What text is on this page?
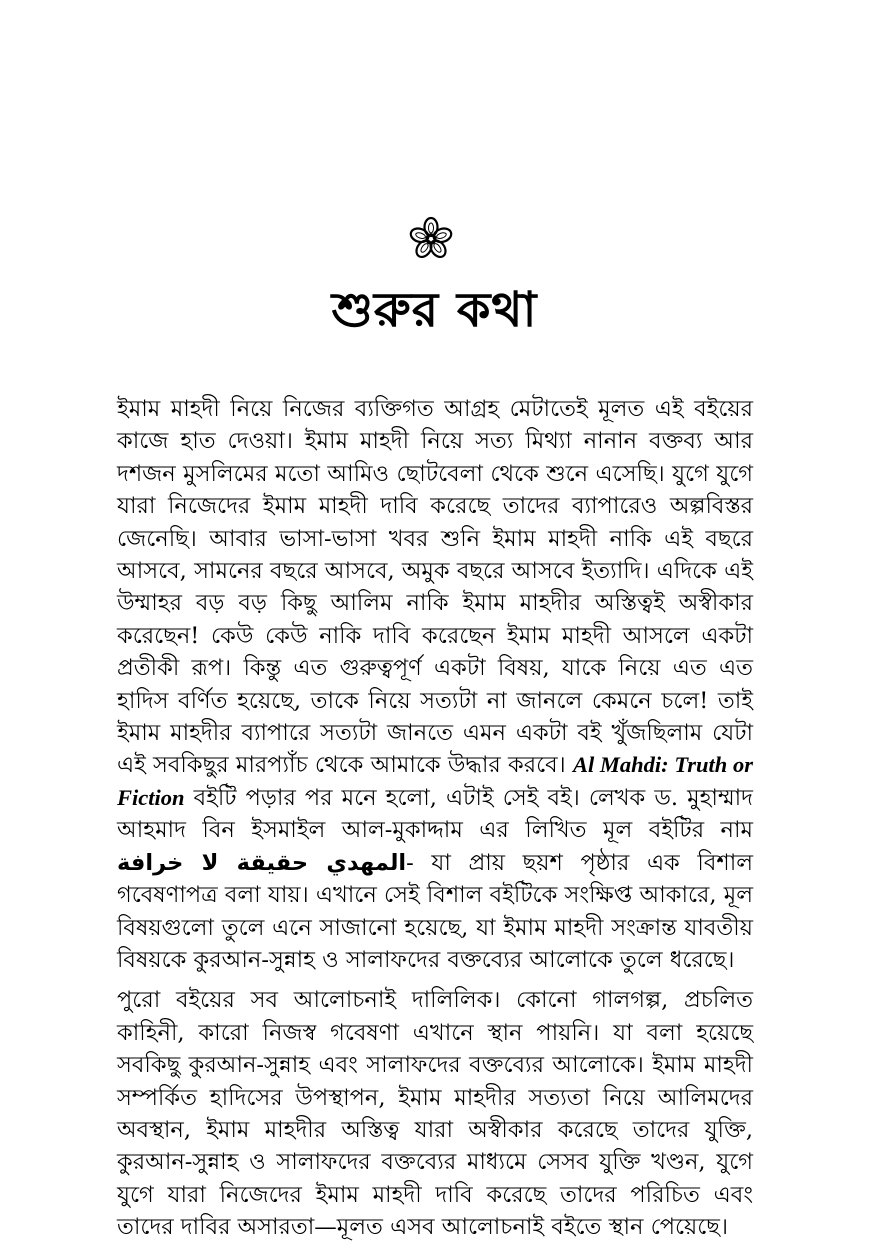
শুরুর কথা

ইমাম মাহদী নিয়ে নিজের ব্যক্তিগত আগ্রহ মেটাতেই মূলত এই বইয়ের কাজে হাত দেওয়া। ইমাম মাহদী নিয়ে সত্য মিথ্যা নানান বক্তব্য আর দশজন মুসলিমের মতো আমিও ছোটবেলা থেকে শুনে এসেছি। যুগে যুগে যারা নিজেদের ইমাম মাহদী দাবি করেছে তাদের ব্যাপারেও অল্পবিস্তর জেনেছি। আবার ভাসা-ভাসা খবর শুনি ইমাম মাহদী নাকি এই বছরে আসবে, সামনের বছরে আসবে, অমুক বছরে আসবে ইত্যাদি। এদিকে এই উম্মাহর বড় বড় কিছু আলিম নাকি ইমাম মাহদীর অস্তিত্বই অস্বীকার করেছেন! কেউ কেউ নাকি দাবি করেছেন ইমাম মাহদী আসলে একটা প্রতীকী রূপ। কিন্তু এত গুরুত্বপূর্ণ একটা বিষয়, যাকে নিয়ে এত এত হাদিস বর্ণিত হয়েছে, তাকে নিয়ে সত্যটা না জানলে কেমনে চলে! তাই ইমাম মাহদীর ব্যাপারে সত্যটা জানতে এমন একটা বই খুঁজছিলাম যেটা এই সবকিছুর মারপ্যাঁচ থেকে আমাকে উদ্ধার করবে। Al Mahdi: Truth or Fiction বইটি পড়ার পর মনে হলো, এটাই সেই বই। লেখক ড. মুহাম্মাদ আহমাদ বিন ইসমাইল আল-মুকাদ্দাম এর লিখিত মূল বইটির নাম المهدي حقيقة لا خرافة- যা প্রায় ছয়শ পৃষ্ঠার এক বিশাল গবেষণাপত্র বলা যায়। এখানে সেই বিশাল বইটিকে সংক্ষিপ্ত আকারে, মূল বিষয়গুলো তুলে এনে সাজানো হয়েছে, যা ইমাম মাহদী সংক্রান্ত যাবতীয় বিষয়কে কুরআন-সুন্নাহ ও সালাফদের বক্তব্যের আলোকে তুলে ধরেছে।

পুরো বইয়ের সব আলোচনাই দালিলিক। কোনো গালগল্প, প্রচলিত কাহিনী, কারো নিজস্ব গবেষণা এখানে স্থান পায়নি। যা বলা হয়েছে সবকিছু কুরআন-সুন্নাহ এবং সালাফদের বক্তব্যের আলোকে। ইমাম মাহদী সম্পর্কিত হাদিসের উপস্থাপন, ইমাম মাহদীর সত্যতা নিয়ে আলিমদের অবস্থান, ইমাম মাহদীর অস্তিত্ব যারা অস্বীকার করেছে তাদের যুক্তি, কুরআন-সুন্নাহ ও সালাফদের বক্তব্যের মাধ্যমে সেসব যুক্তি খণ্ডন, যুগে যুগে যারা নিজেদের ইমাম মাহদী দাবি করেছে তাদের পরিচিত এবং তাদের দাবির অসারতা—মূলত এসব আলোচনাই বইতে স্থান পেয়েছে।
